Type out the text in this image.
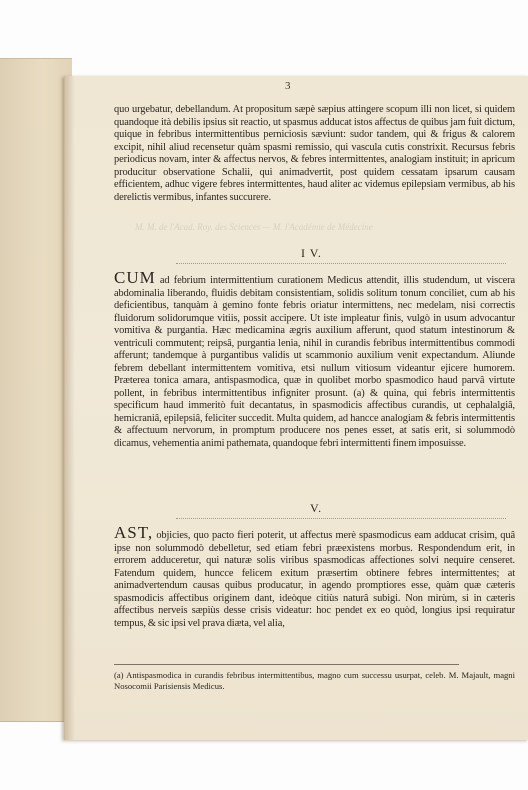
3

quo urgebatur, debellandum. At propositum sæpè sæpius attingere scopum illi non licet, si quidem quandoque ità debilis ipsius sit reactio, ut spasmus adducat istos affectus de quibus jam fuit dictum, quique in febribus intermittentibus perniciosis sæviunt: sudor tandem, qui & frigus & calorem excipit, nihil aliud recensetur quàm spasmi remissio, qui vascula cutis constrixit. Recursus febris periodicus novam, inter & affectus nervos, & febres intermittentes, analogiam instituit; in apricum producitur observatione Schalii, qui animadvertit, post quidem cessatam ipsarum causam efficientem, adhuc vigere febres intermittentes, haud aliter ac videmus epilepsiam vermibus, ab his derelictis vermibus, infantes succurere.

M. M. de l'Acad. Roy. des Sciences — M. l'Académie de Médecine
I V.

CUM ad febrium intermittentium curationem Medicus attendit, illis studendum, ut viscera abdominalia liberando, fluidis debitam consistentiam, solidis solitum tonum conciliet, cum ab his deficientibus, tanquàm à gemino fonte febris oriatur intermittens, nec medelam, nisi correctis fluidorum solidorumque vitiis, possit accipere. Ut iste impleatur finis, vulgò in usum advocantur vomitiva & purgantia. Hæc medicamina ægris auxilium afferunt, quod statum intestinorum & ventriculi commutent; reipsâ, purgantia lenia, nihil in curandis febribus intermittentibus commodi afferunt; tandemque à purgantibus validis ut scammonio auxilium venit expectandum. Aliunde febrem debellant intermittentem vomitiva, etsi nullum vitiosum videantur ejicere humorem. Præterea tonica amara, antispasmodica, quæ in quolibet morbo spasmodico haud parvâ virtute pollent, in febribus intermittentibus infigniter prosunt. (a) & quina, qui febris intermittentis specificum haud immeritò fuit decantatus, in spasmodicis affectibus curandis, ut cephalalgiâ, hemicraniâ, epilepsiâ, feliciter succedit. Multa quidem, ad hancce analogiam & febris intermittentis & affectuum nervorum, in promptum producere nos penes esset, at satis erit, si solummodò dicamus, vehementia animi pathemata, quandoque febri intermittenti finem imposuisse.

V.

AST, objicies, quo pacto fieri poterit, ut affectus merè spasmodicus eam adducat crisim, quâ ipse non solummodò debelletur, sed etiam febri præexistens morbus. Respondendum erit, in errorem adduceretur, qui naturæ solis viribus spasmodicas affectiones solvi nequire censeret. Fatendum quidem, huncce felicem exitum præsertim obtinere febres intermittentes; at animadvertendum causas quibus producatur, in agendo promptiores esse, quàm quæ cæteris spasmodicis affectibus originem dant, ideòque citiùs naturâ subigi. Non mirùm, si in cæteris affectibus nerveis sæpiùs desse crisis videatur: hoc pendet ex eo quòd, longius ipsi requiratur tempus, & sic ipsi vel prava diæta, vel alia,

(a) Antispasmodica in curandis febribus intermittentibus, magno cum successu usurpat, celeb. M. Majault, magni Nosocomii Parisiensis Medicus.
